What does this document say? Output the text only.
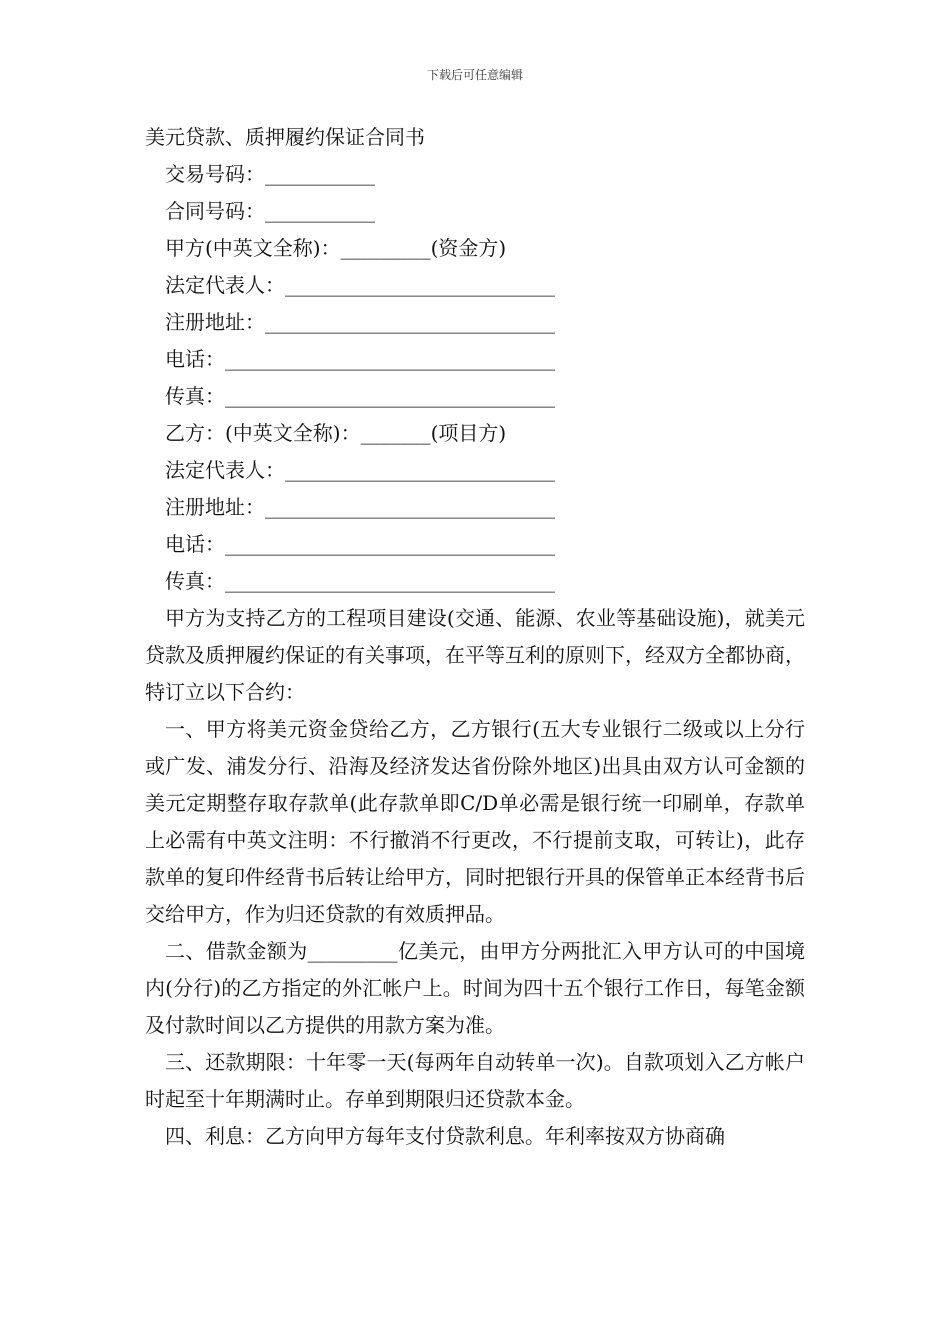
下载后可任意编辑
美元贷款、质押履约保证合同书
交易号码：___________
合同号码：___________
甲方(中英文全称)：_________(资金方)
法定代表人：___________________________
注册地址：_____________________________
电话：_________________________________
传真：_________________________________
乙方：(中英文全称)：_______(项目方)
法定代表人：___________________________
注册地址：_____________________________
电话：_________________________________
传真：_________________________________
甲方为支持乙方的工程项目建设(交通、能源、农业等基础设施)，就美元贷款及质押履约保证的有关事项，在平等互利的原则下，经双方全都协商，特订立以下合约：
一、甲方将美元资金贷给乙方，乙方银行(五大专业银行二级或以上分行或广发、浦发分行、沿海及经济发达省份除外地区)出具由双方认可金额的美元定期整存取存款单(此存款单即C/D单必需是银行统一印刷单，存款单上必需有中英文注明：不行撤消不行更改，不行提前支取，可转让)，此存款单的复印件经背书后转让给甲方，同时把银行开具的保管单正本经背书后交给甲方，作为归还贷款的有效质押品。
二、借款金额为_________亿美元，由甲方分两批汇入甲方认可的中国境内(分行)的乙方指定的外汇帐户上。时间为四十五个银行工作日，每笔金额及付款时间以乙方提供的用款方案为准。
三、还款期限：十年零一天(每两年自动转单一次)。自款项划入乙方帐户时起至十年期满时止。存单到期限归还贷款本金。
四、利息：乙方向甲方每年支付贷款利息。年利率按双方协商确
